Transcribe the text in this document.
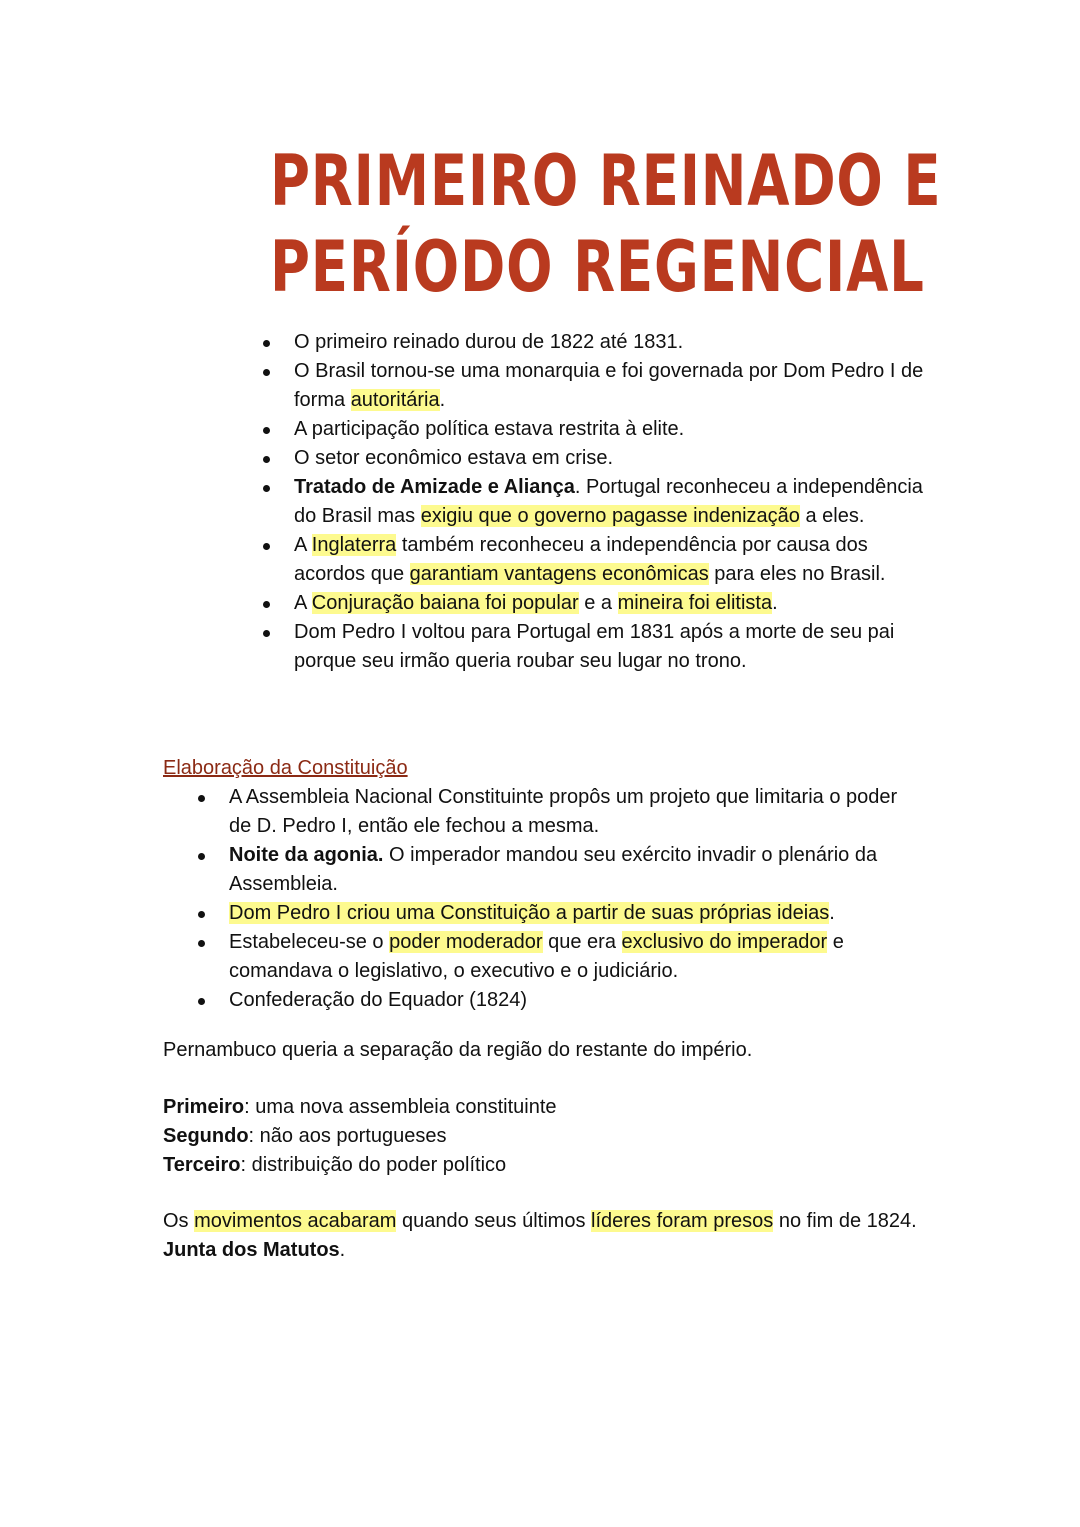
PRIMEIRO REINADO E
PERÍODO REGENCIAL
O primeiro reinado durou de 1822 até 1831.
O Brasil tornou-se uma monarquia e foi governada por Dom Pedro I de forma autoritária.
A participação política estava restrita à elite.
O setor econômico estava em crise.
Tratado de Amizade e Aliança. Portugal reconheceu a independência do Brasil mas exigiu que o governo pagasse indenização a eles.
A Inglaterra também reconheceu a independência por causa dos acordos que garantiam vantagens econômicas para eles no Brasil.
A Conjuração baiana foi popular e a mineira foi elitista.
Dom Pedro I voltou para Portugal em 1831 após a morte de seu pai porque seu irmão queria roubar seu lugar no trono.
Elaboração da Constituição
A Assembleia Nacional Constituinte propôs um projeto que limitaria o poder de D. Pedro I, então ele fechou a mesma.
Noite da agonia. O imperador mandou seu exército invadir o plenário da Assembleia.
Dom Pedro I criou uma Constituição a partir de suas próprias ideias.
Estabeleceu-se o poder moderador que era exclusivo do imperador e comandava o legislativo, o executivo e o judiciário.
Confederação do Equador (1824)
Pernambuco queria a separação da região do restante do império.
Primeiro: uma nova assembleia constituinte
Segundo: não aos portugueses
Terceiro: distribuição do poder político
Os movimentos acabaram quando seus últimos líderes foram presos no fim de 1824.
Junta dos Matutos.
